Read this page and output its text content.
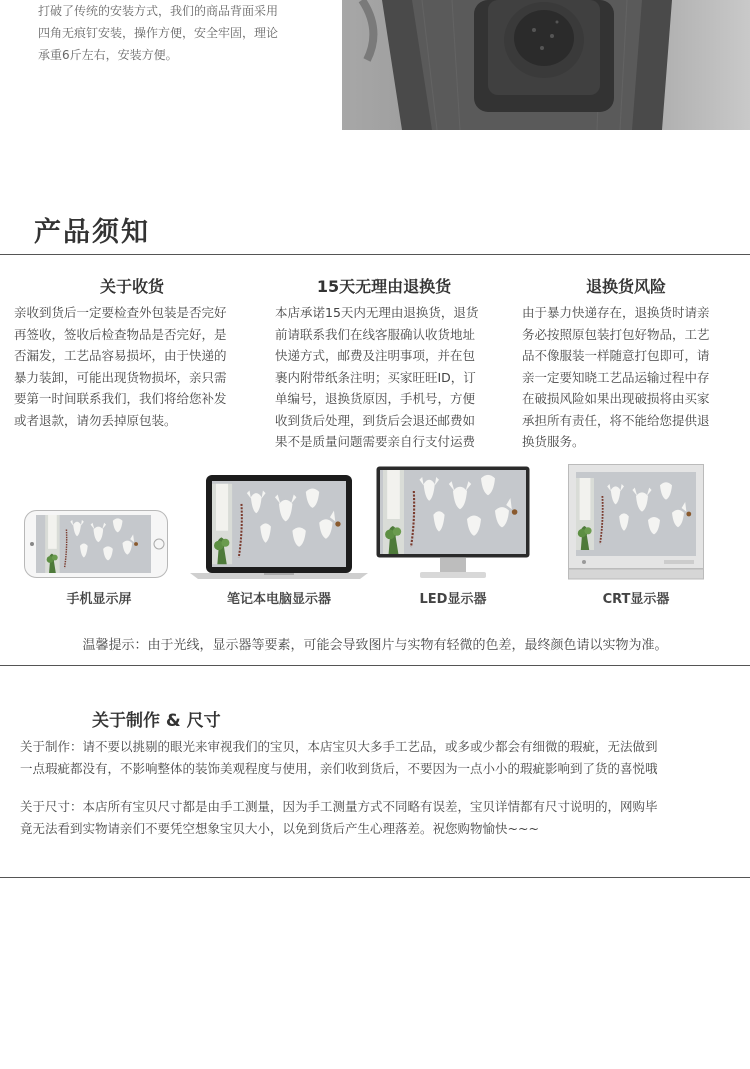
打破了传统的安装方式，我们的商品背面采用

四角无痕钉安装，操作方便，安全牢固，理论

承重6斤左右，安装方便。

产品须知
关于收货

亲收到货后一定要检查外包装是否完好

再签收，签收后检查物品是否完好，是

否漏发，工艺品容易损坏，由于快递的

暴力装卸，可能出现货物损坏，亲只需

要第一时间联系我们，我们将给您补发

或者退款，请勿丢掉原包装。

15天无理由退换货

本店承诺15天内无理由退换货，退货

前请联系我们在线客服确认收货地址

快递方式，邮费及注明事项，并在包

裹内附带纸条注明；买家旺旺ID，订

单编号，退换货原因，手机号，方便

收到货后处理，到货后会退还邮费如

果不是质量问题需要亲自行支付运费

退换货风险

由于暴力快递存在，退换货时请亲

务必按照原包装打包好物品，工艺

品不像服装一样随意打包即可，请

亲一定要知晓工艺品运输过程中存

在破损风险如果出现破损将由买家

承担所有责任，将不能给您提供退

换货服务。

手机显示屏	笔记本电脑显示器	LED显示器	CRT显示器
温馨提示：由于光线，显示器等要素，可能会导致图片与实物有轻微的色差，最终颜色请以实物为准。
关于制作 & 尺寸

关于制作：请不要以挑剔的眼光来审视我们的宝贝，本店宝贝大多手工艺品，或多或少都会有细微的瑕疵，无法做到

一点瑕疵都没有，不影响整体的装饰美观程度与使用，亲们收到货后，不要因为一点小小的瑕疵影响到了货的喜悦哦

关于尺寸：本店所有宝贝尺寸都是由手工测量，因为手工测量方式不同略有误差，宝贝详情都有尺寸说明的，网购毕

竟无法看到实物请亲们不要凭空想象宝贝大小，以免到货后产生心理落差。祝您购物愉快~~~
